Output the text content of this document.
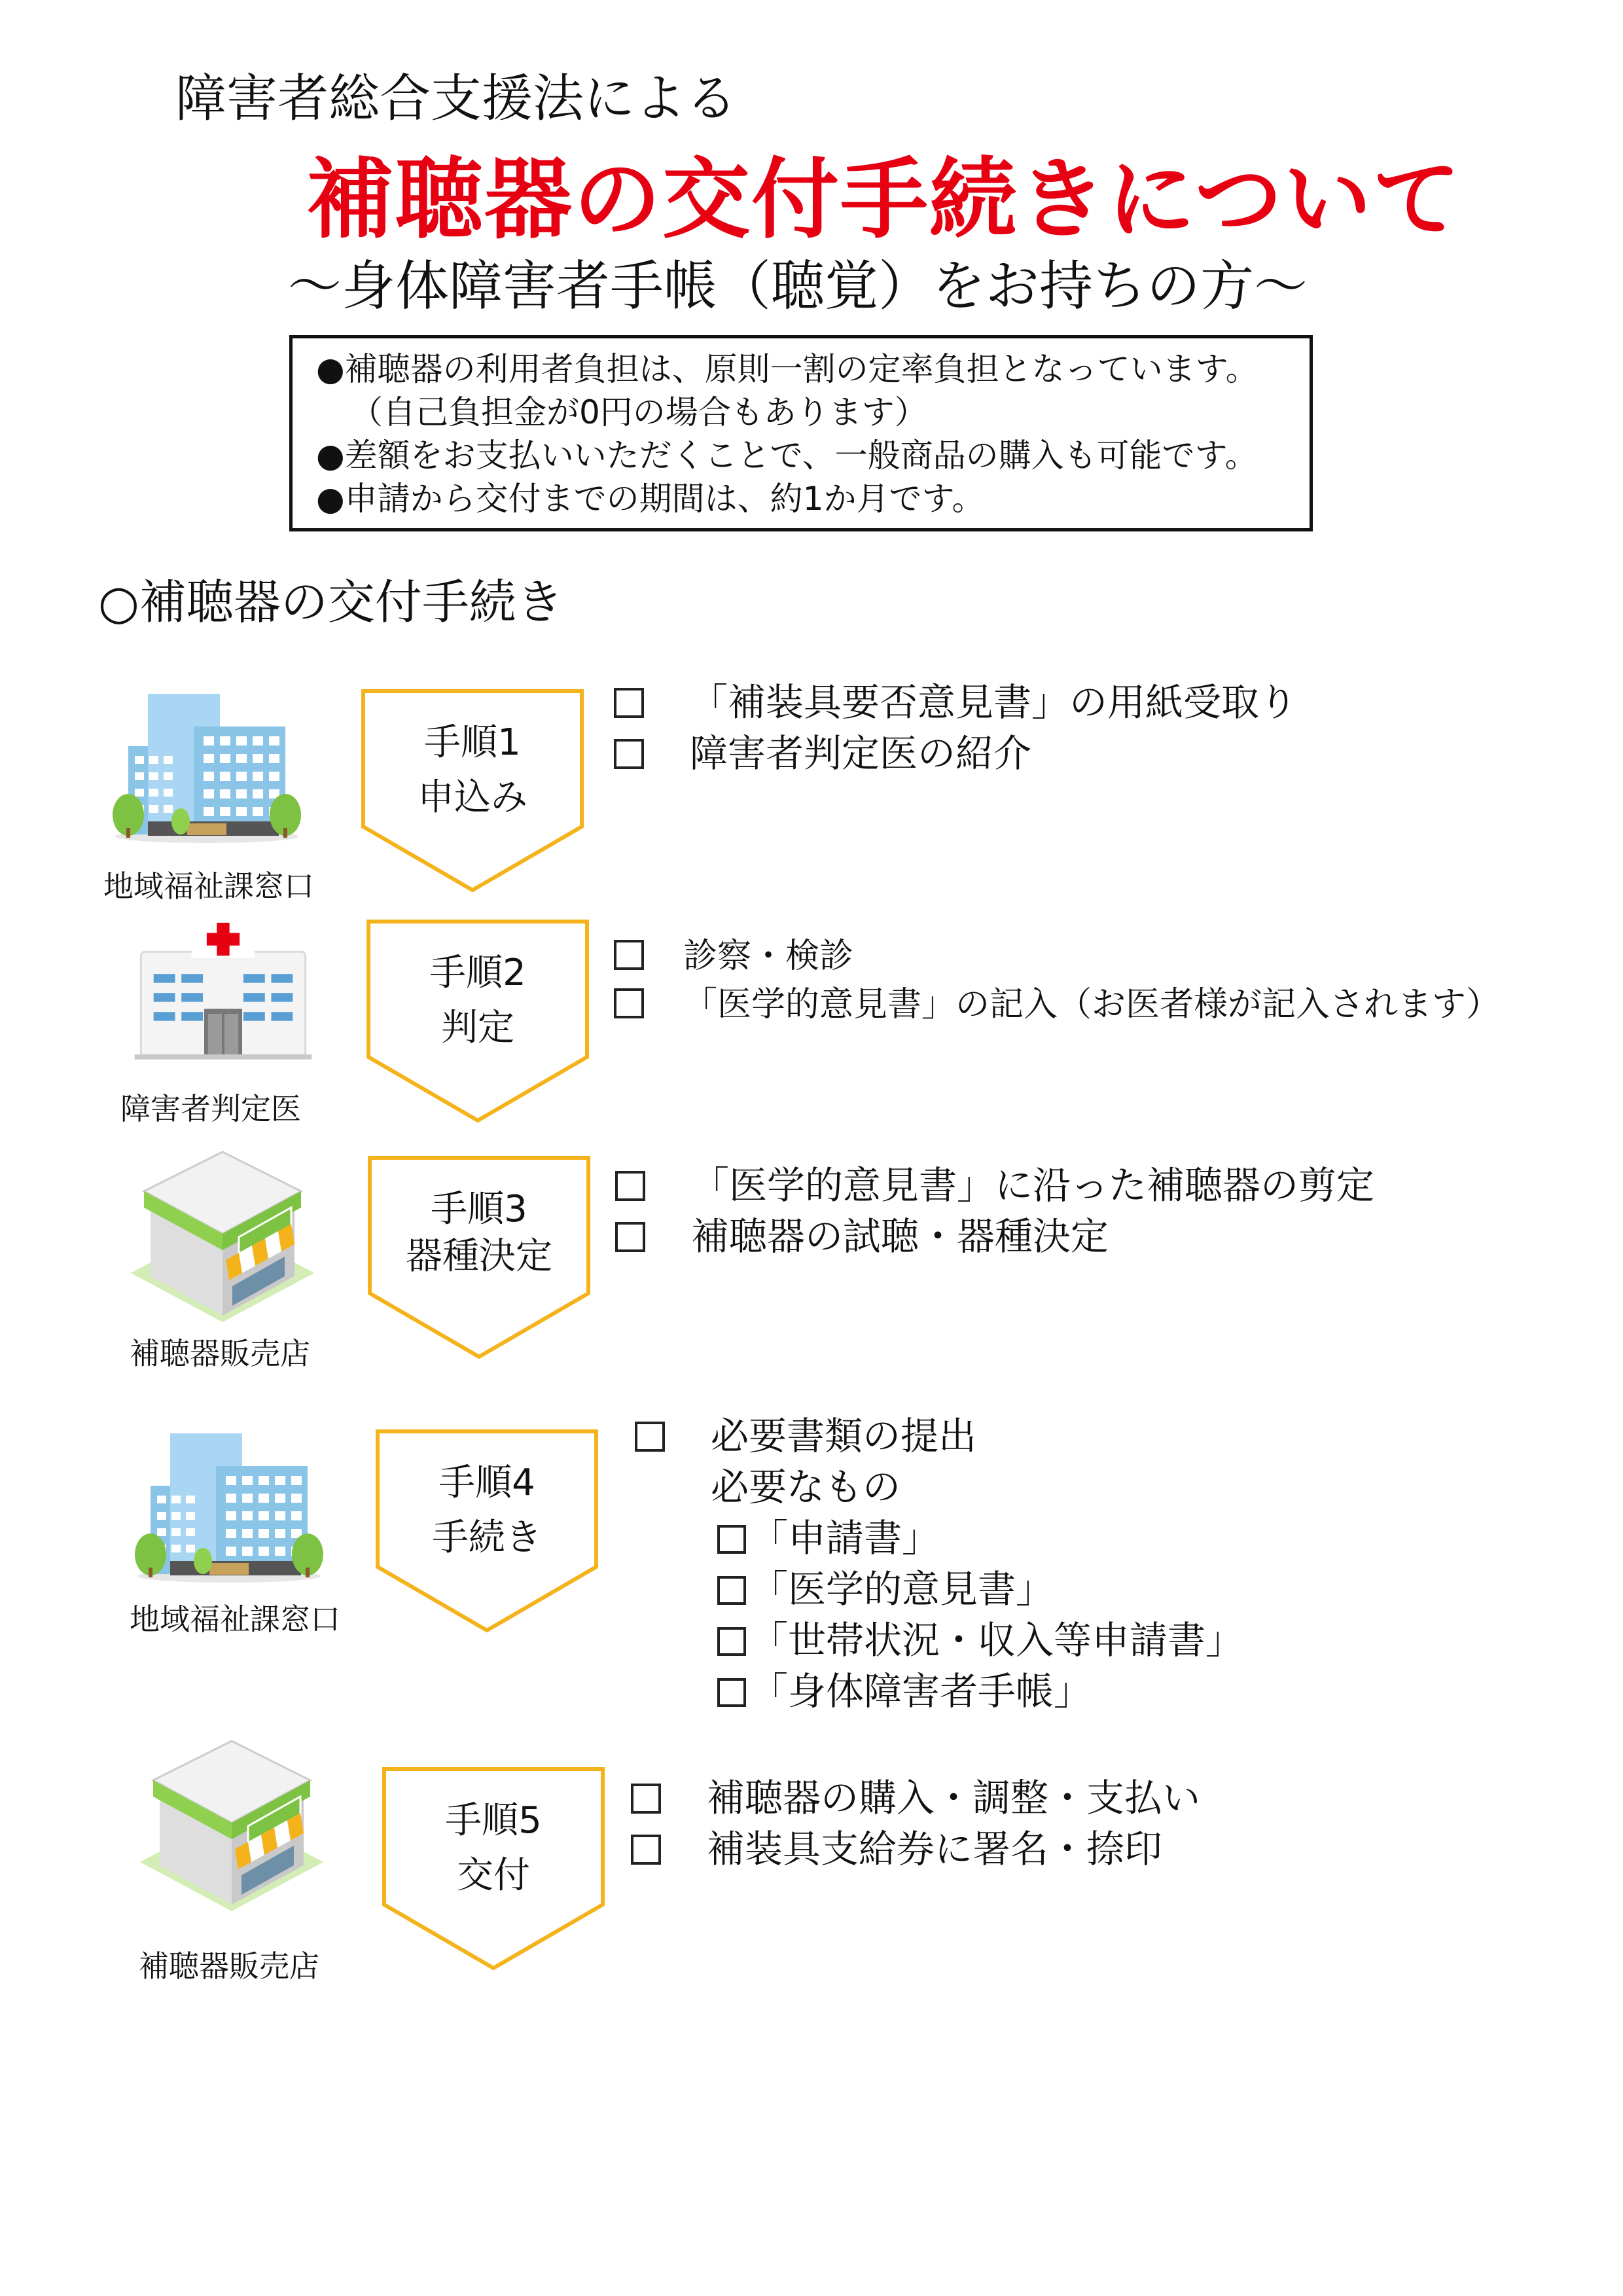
障害者総合支援法による
補聴器の交付手続きについて
～身体障害者手帳（聴覚）をお持ちの方～
●補聴器の利用者負担は、原則一割の定率負担となっています。
（自己負担金が0円の場合もあります）
●差額をお支払いいただくことで、一般商品の購入も可能です。
●申請から交付までの期間は、約1か月です。
○補聴器の交付手続き
地域福祉課窓口
手順1
申込み
「補装具要否意見書」の用紙受取り
障害者判定医の紹介
障害者判定医
手順2
判定
診察・検診
「医学的意見書」の記入（お医者様が記入されます）
補聴器販売店
手順3
器種決定
「医学的意見書」に沿った補聴器の剪定
補聴器の試聴・器種決定
地域福祉課窓口
手順4
手続き
必要書類の提出
必要なもの
「申請書」
「医学的意見書」
「世帯状況・収入等申請書」
「身体障害者手帳」
補聴器販売店
手順5
交付
補聴器の購入・調整・支払い
補装具支給券に署名・捺印
